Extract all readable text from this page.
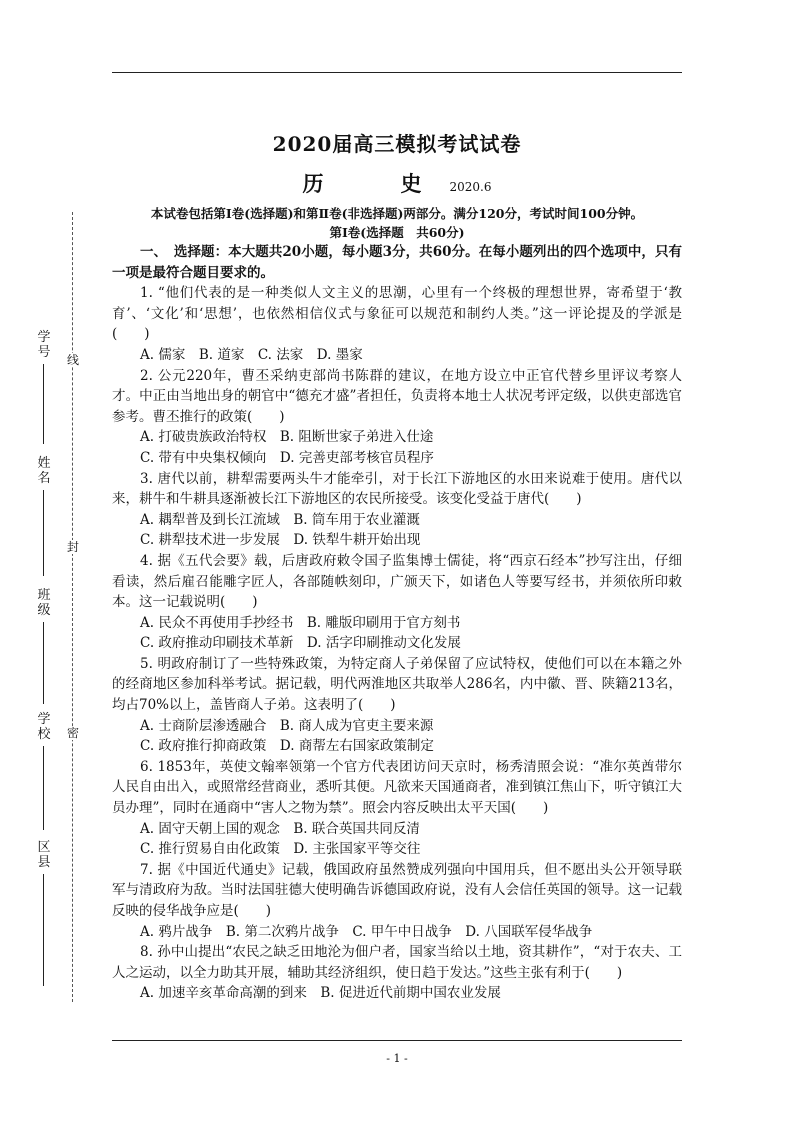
2020届高三模拟考试试卷
历　史2020.6
本试卷包括第Ⅰ卷(选择题)和第Ⅱ卷(非选择题)两部分。满分120分，考试时间100分钟。
第Ⅰ卷(选择题　共60分)

一、　选择题：本大题共20小题，每小题3分，共60分。在每小题列出的四个选项中，只有一项是最符合题目要求的。

1. “他们代表的是一种类似人文主义的思潮，心里有一个终极的理想世界，寄希望于‘教育’、‘文化’和‘思想’，也依然相信仪式与象征可以规范和制约人类。”这一评论提及的学派是(　　)

A. 儒家　B. 道家　C. 法家　D. 墨家

2. 公元220年，曹丕采纳吏部尚书陈群的建议，在地方设立中正官代替乡里评议考察人才。中正由当地出身的朝官中“德充才盛”者担任，负责将本地士人状况考评定级，以供吏部选官参考。曹丕推行的政策(　　)

A. 打破贵族政治特权　B. 阻断世家子弟进入仕途

C. 带有中央集权倾向　D. 完善吏部考核官员程序

3. 唐代以前，耕犁需要两头牛才能牵引，对于长江下游地区的水田来说难于使用。唐代以来，耕牛和牛耕具逐渐被长江下游地区的农民所接受。该变化受益于唐代(　　)

A. 耦犁普及到长江流域　B. 筒车用于农业灌溉

C. 耕犁技术进一步发展　D. 铁犁牛耕开始出现

4. 据《五代会要》载，后唐政府敕令国子监集博士儒徒，将“西京石经本”抄写注出，仔细看读，然后雇召能雕字匠人，各部随帙刻印，广颁天下，如诸色人等要写经书，并须依所印敕本。这一记载说明(　　)

A. 民众不再使用手抄经书　B. 雕版印刷用于官方刻书

C. 政府推动印刷技术革新　D. 活字印刷推动文化发展

5. 明政府制订了一些特殊政策，为特定商人子弟保留了应试特权，使他们可以在本籍之外的经商地区参加科举考试。据记载，明代两淮地区共取举人286名，内中徽、晋、陕籍213名，均占70%以上，盖皆商人子弟。这表明了(　　)

A. 士商阶层渗透融合　B. 商人成为官吏主要来源

C. 政府推行抑商政策　D. 商帮左右国家政策制定

6. 1853年，英使文翰率领第一个官方代表团访问天京时，杨秀清照会说：“准尔英酋带尔人民自由出入，或照常经营商业，悉听其便。凡欲来天国通商者，准到镇江焦山下，听守镇江大员办理”，同时在通商中“害人之物为禁”。照会内容反映出太平天国(　　)

A. 固守天朝上国的观念　B. 联合英国共同反清

C. 推行贸易自由化政策　D. 主张国家平等交往

7. 据《中国近代通史》记载，俄国政府虽然赞成列强向中国用兵，但不愿出头公开领导联军与清政府为敌。当时法国驻德大使明确告诉德国政府说，没有人会信任英国的领导。这一记载反映的侵华战争应是(　　)

A. 鸦片战争　B. 第二次鸦片战争　C. 甲午中日战争　D. 八国联军侵华战争

8. 孙中山提出“农民之缺乏田地沦为佃户者，国家当给以土地，资其耕作”，“对于农夫、工人之运动，以全力助其开展，辅助其经济组织，使日趋于发达。”这些主张有利于(　　)

A. 加速辛亥革命高潮的到来　B. 促进近代前期中国农业发展

- 1 -
学号
姓名
班级
学校
区县
线
封
密
